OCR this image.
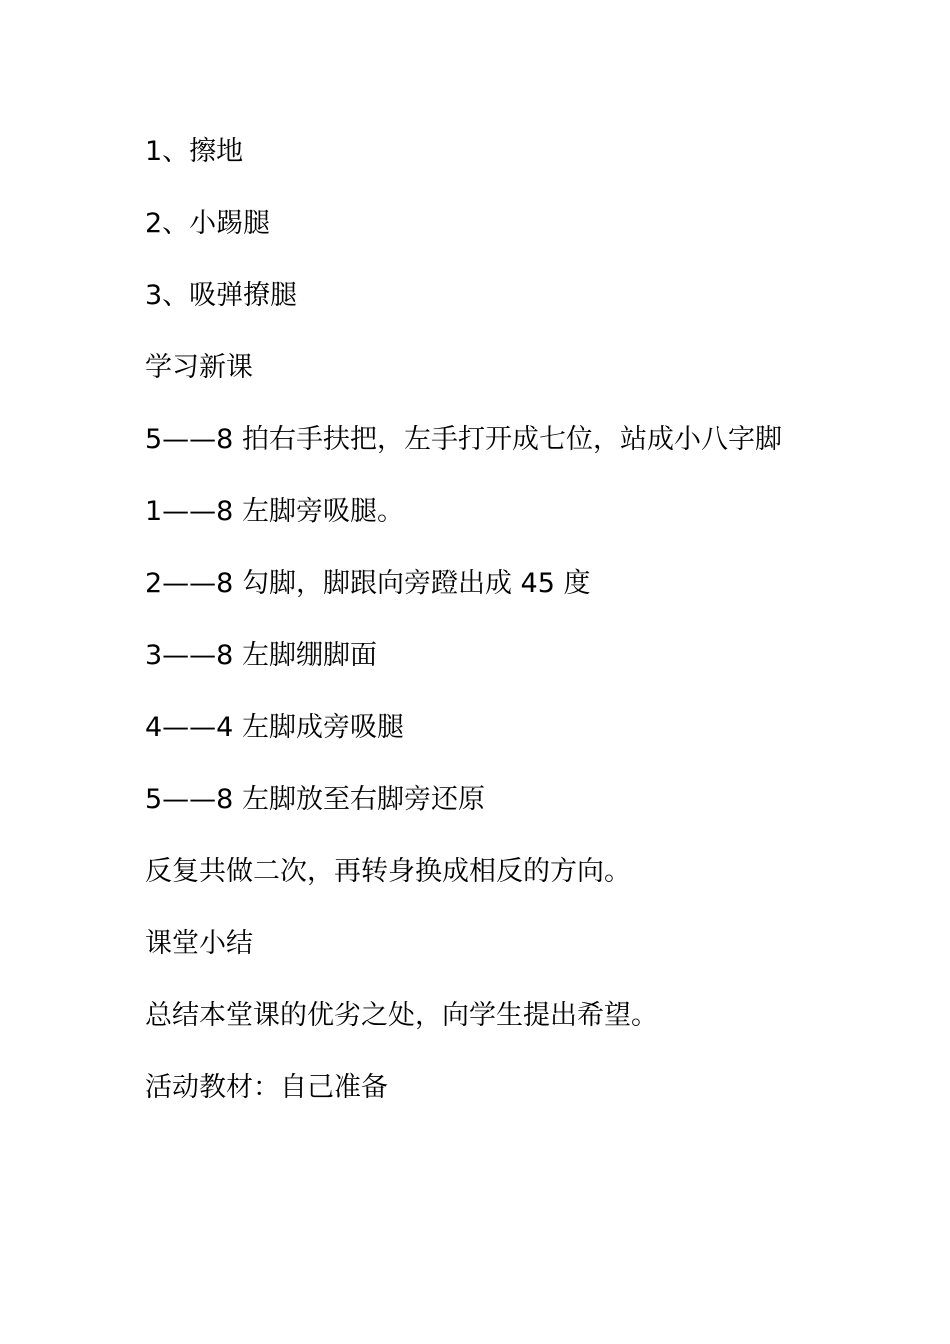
1、擦地

2、小踢腿

3、吸弹撩腿

学习新课

5——8 拍右手扶把，左手打开成七位，站成小八字脚

1——8 左脚旁吸腿。

2——8 勾脚，脚跟向旁蹬出成 45 度

3——8 左脚绷脚面

4——4 左脚成旁吸腿

5——8 左脚放至右脚旁还原

反复共做二次，再转身换成相反的方向。

课堂小结

总结本堂课的优劣之处，向学生提出希望。

活动教材：自己准备
